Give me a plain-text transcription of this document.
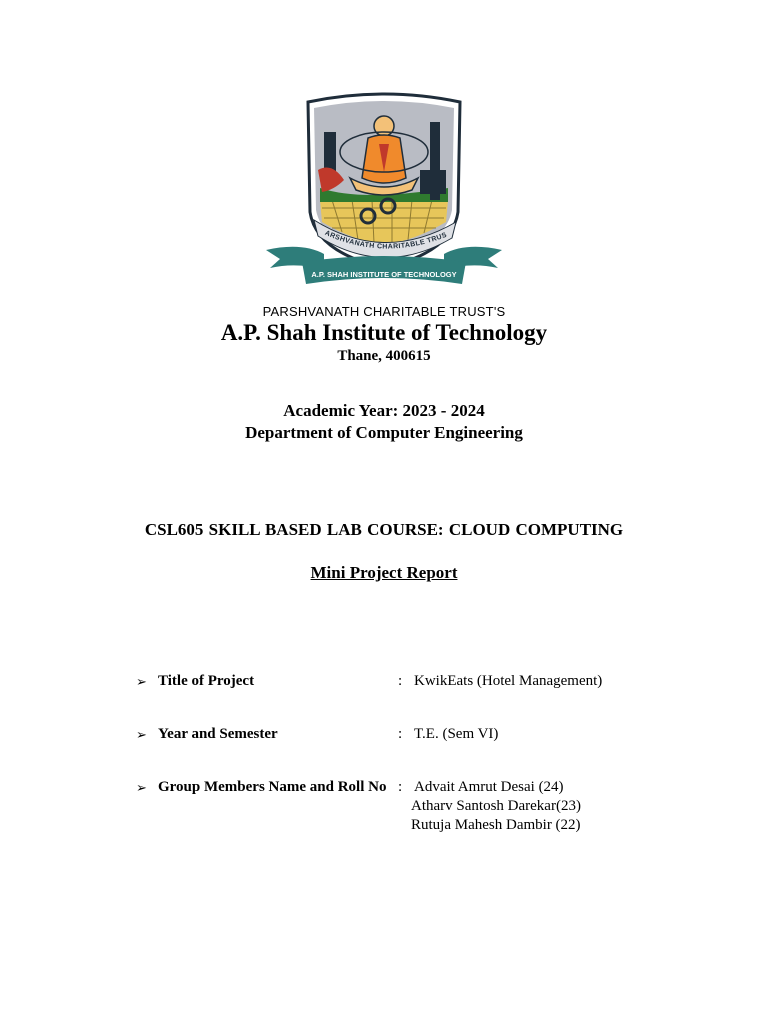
PARSHVANATH CHARITABLE TRUST
A.P. SHAH INSTITUTE OF TECHNOLOGY
PARSHVANATH CHARITABLE TRUST'S
A.P. Shah Institute of Technology
Thane, 400615
Academic Year: 2023 - 2024
Department of Computer Engineering
CSL605 SKILL BASED LAB COURSE: CLOUD COMPUTING
Mini Project Report
➢ Title of Project	: KwikEats (Hotel Management)
➢ Year and Semester	: T.E. (Sem VI)
➢ Group Members Name and Roll No : Advait Amrut Desai (24)
Atharv Santosh Darekar(23)
Rutuja Mahesh Dambir (22)
